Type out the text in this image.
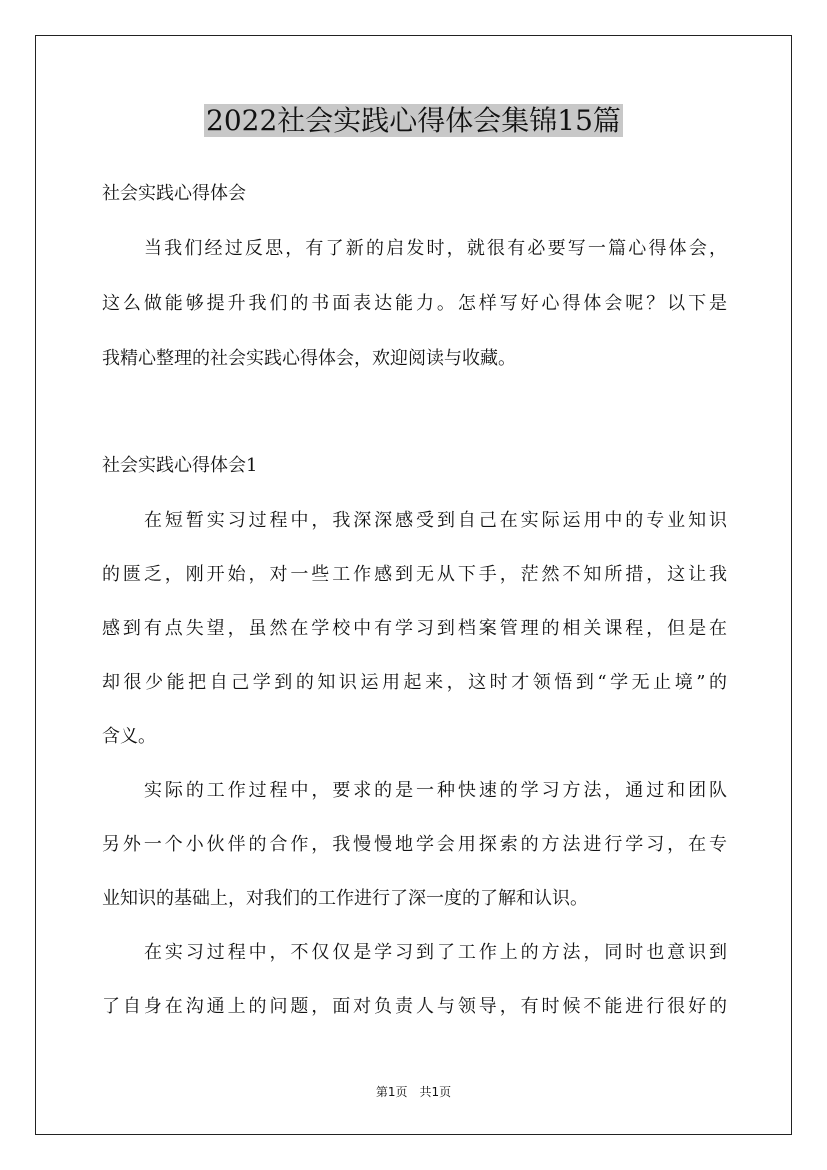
2022社会实践心得体会集锦15篇
社会实践心得体会
当我们经过反思，有了新的启发时，就很有必要写一篇心得体会，
这么做能够提升我们的书面表达能力。怎样写好心得体会呢？以下是
我精心整理的社会实践心得体会，欢迎阅读与收藏。
社会实践心得体会1
在短暂实习过程中，我深深感受到自己在实际运用中的专业知识
的匮乏，刚开始，对一些工作感到无从下手，茫然不知所措，这让我
感到有点失望，虽然在学校中有学习到档案管理的相关课程，但是在
却很少能把自己学到的知识运用起来，这时才领悟到“学无止境”的
含义。
实际的工作过程中，要求的是一种快速的学习方法，通过和团队
另外一个小伙伴的合作，我慢慢地学会用探索的方法进行学习，在专
业知识的基础上，对我们的工作进行了深一度的了解和认识。
在实习过程中，不仅仅是学习到了工作上的方法，同时也意识到
了自身在沟通上的问题，面对负责人与领导，有时候不能进行很好的
第1页 共1页
